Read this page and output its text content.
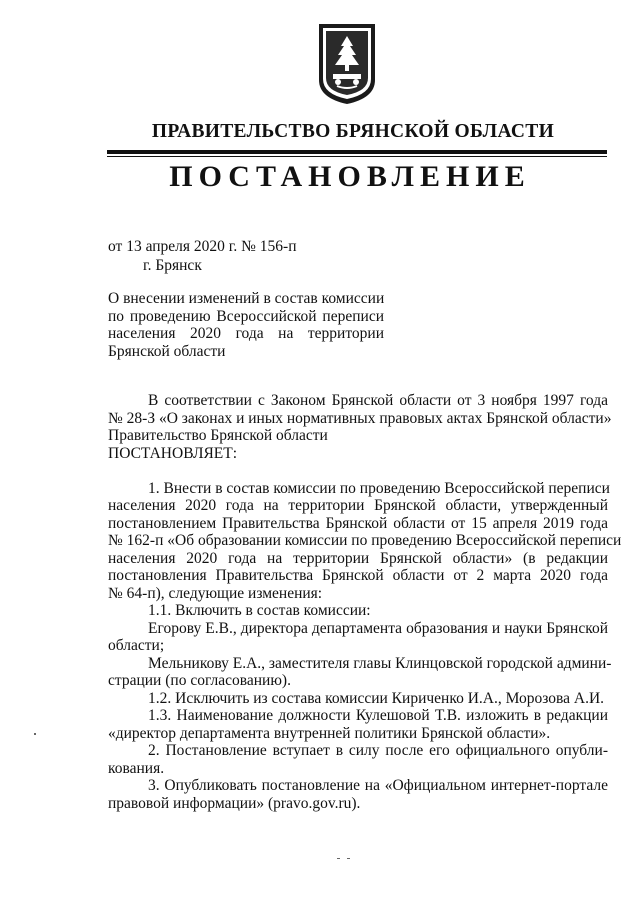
ПРАВИТЕЛЬСТВО БРЯНСКОЙ ОБЛАСТИ
ПОСТАНОВЛЕНИЕ
от 13 апреля 2020 г. № 156-п
г. Брянск
О внесении изменений в состав комиссии
по проведению Всероссийской переписи
населения 2020 года на территории
Брянской области
В соответствии с Законом Брянской области от 3 ноября 1997 года
№ 28-З «О законах и иных нормативных правовых актах Брянской области»
Правительство Брянской области
ПОСТАНОВЛЯЕТ:
1. Внести в состав комиссии по проведению Всероссийской переписи
населения 2020 года на территории Брянской области, утвержденный
постановлением Правительства Брянской области от 15 апреля 2019 года
№ 162-п «Об образовании комиссии по проведению Всероссийской переписи
населения 2020 года на территории Брянской области» (в редакции
постановления Правительства Брянской области от 2 марта 2020 года
№ 64-п), следующие изменения:
1.1. Включить в состав комиссии:
Егорову Е.В., директора департамента образования и науки Брянской
области;
Мельникову Е.А., заместителя главы Клинцовской городской админи-
страции (по согласованию).
1.2. Исключить из состава комиссии Кириченко И.А., Морозова А.И.
1.3. Наименование должности Кулешовой Т.В. изложить в редакции
«директор департамента внутренней политики Брянской области».
2. Постановление вступает в силу после его официального опубли-
кования.
3. Опубликовать постановление на «Официальном интернет-портале
правовой информации» (pravo.gov.ru).
